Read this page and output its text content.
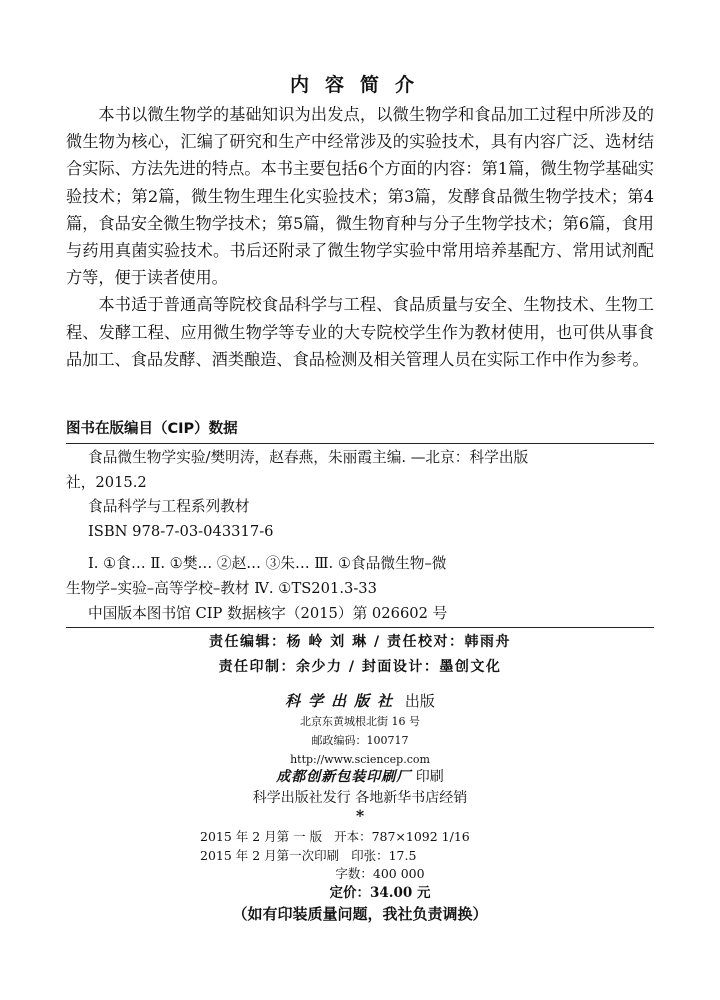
内容简介

本书以微生物学的基础知识为出发点，以微生物学和食品加工过程中所涉及的微生物为核心，汇编了研究和生产中经常涉及的实验技术，具有内容广泛、选材结合实际、方法先进的特点。本书主要包括6个方面的内容：第1篇，微生物学基础实验技术；第2篇，微生物生理生化实验技术；第3篇，发酵食品微生物学技术；第4篇，食品安全微生物学技术；第5篇，微生物育种与分子生物学技术；第6篇，食用与药用真菌实验技术。书后还附录了微生物学实验中常用培养基配方、常用试剂配方等，便于读者使用。

本书适于普通高等院校食品科学与工程、食品质量与安全、生物技术、生物工程、发酵工程、应用微生物学等专业的大专院校学生作为教材使用，也可供从事食品加工、食品发酵、酒类酿造、食品检测及相关管理人员在实际工作中作为参考。

图书在版编目（CIP）数据

食品微生物学实验/樊明涛，赵春燕，朱丽霞主编. —北京：科学出版

社，2015.2

食品科学与工程系列教材

ISBN 978-7-03-043317-6

Ⅰ. ①食… Ⅱ. ①樊… ②赵… ③朱… Ⅲ. ①食品微生物–微

生物学–实验–高等学校–教材 Ⅳ. ①TS201.3-33

中国版本图书馆 CIP 数据核字（2015）第 026602 号
责任编辑：杨 岭 刘 琳 / 责任校对：韩雨舟
责任印制：余少力 / 封面设计：墨创文化
科学出版社 出版
北京东黄城根北街 16 号
邮政编码：100717
http://www.sciencep.com
成都创新包装印刷厂 印刷
科学出版社发行 各地新华书店经销
*
2015 年 2 月第 一 版 开本：787×1092 1/16
2015 年 2 月第一次印刷 印张：17.5
字数：400 000
定价：34.00 元
（如有印装质量问题，我社负责调换）
